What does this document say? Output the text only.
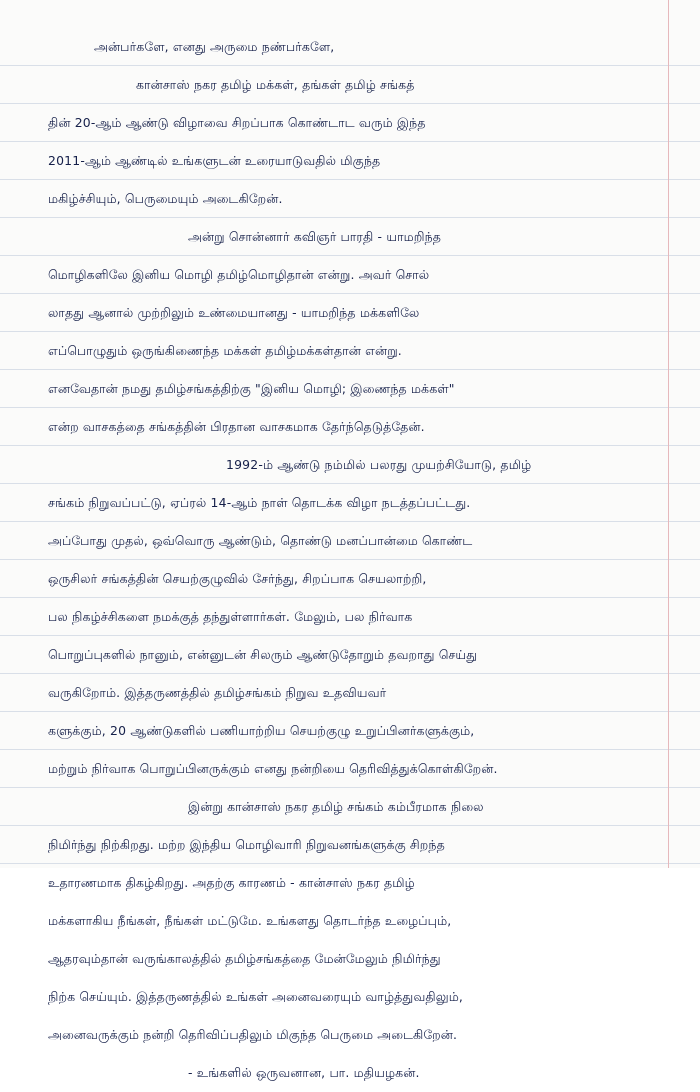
அன்பர்களே, எனது அருமை நண்பர்களே,
கான்சாஸ் நகர தமிழ் மக்கள், தங்கள் தமிழ் சங்கத்
தின் 20-ஆம் ஆண்டு விழாவை சிறப்பாக கொண்டாட வரும் இந்த
2011-ஆம் ஆண்டில் உங்களுடன் உரையாடுவதில் மிகுந்த
மகிழ்ச்சியும், பெருமையும் அடைகிறேன்.
அன்று சொன்னார் கவிஞர் பாரதி - யாமறிந்த
மொழிகளிலே இனிய மொழி தமிழ்மொழிதான் என்று. அவர் சொல்
லாதது ஆனால் முற்றிலும் உண்மையானது - யாமறிந்த மக்களிலே
எப்பொழுதும் ஒருங்கிணைந்த மக்கள் தமிழ்மக்கள்தான் என்று.
எனவேதான் நமது தமிழ்சங்கத்திற்கு "இனிய மொழி; இணைந்த மக்கள்"
என்ற வாசகத்தை சங்கத்தின் பிரதான வாசகமாக தேர்ந்தெடுத்தேன்.
1992-ம் ஆண்டு நம்மில் பலரது முயற்சியோடு, தமிழ்
சங்கம் நிறுவப்பட்டு, ஏப்ரல் 14-ஆம் நாள் தொடக்க விழா நடத்தப்பட்டது.
அப்போது முதல், ஒவ்வொரு ஆண்டும், தொண்டு மனப்பான்மை கொண்ட
ஒருசிலர் சங்கத்தின் செயற்குழுவில் சேர்ந்து, சிறப்பாக செயலாற்றி,
பல நிகழ்ச்சிகளை நமக்குத் தந்துள்ளார்கள். மேலும், பல நிர்வாக
பொறுப்புகளில் நானும், என்னுடன் சிலரும் ஆண்டுதோறும் தவறாது செய்து
வருகிறோம். இத்தருணத்தில் தமிழ்சங்கம் நிறுவ உதவியவர்
களுக்கும், 20 ஆண்டுகளில் பணியாற்றிய செயற்குழு உறுப்பினர்களுக்கும்,
மற்றும் நிர்வாக பொறுப்பினருக்கும் எனது நன்றியை தெரிவித்துக்கொள்கிறேன்.
இன்று கான்சாஸ் நகர தமிழ் சங்கம் கம்பீரமாக நிலை
நிமிர்ந்து நிற்கிறது. மற்ற இந்திய மொழிவாரி நிறுவனங்களுக்கு சிறந்த
உதாரணமாக திகழ்கிறது. அதற்கு காரணம் - கான்சாஸ் நகர தமிழ்
மக்களாகிய நீங்கள், நீங்கள் மட்டுமே. உங்களது தொடர்ந்த உழைப்பும்,
ஆதரவும்தான் வருங்காலத்தில் தமிழ்சங்கத்தை மேன்மேலும் நிமிர்ந்து
நிற்க செய்யும். இத்தருணத்தில் உங்கள் அனைவரையும் வாழ்த்துவதிலும்,
அனைவருக்கும் நன்றி தெரிவிப்பதிலும் மிகுந்த பெருமை அடைகிறேன்.
- உங்களில் ஒருவனான, பா. மதியழகன்.
